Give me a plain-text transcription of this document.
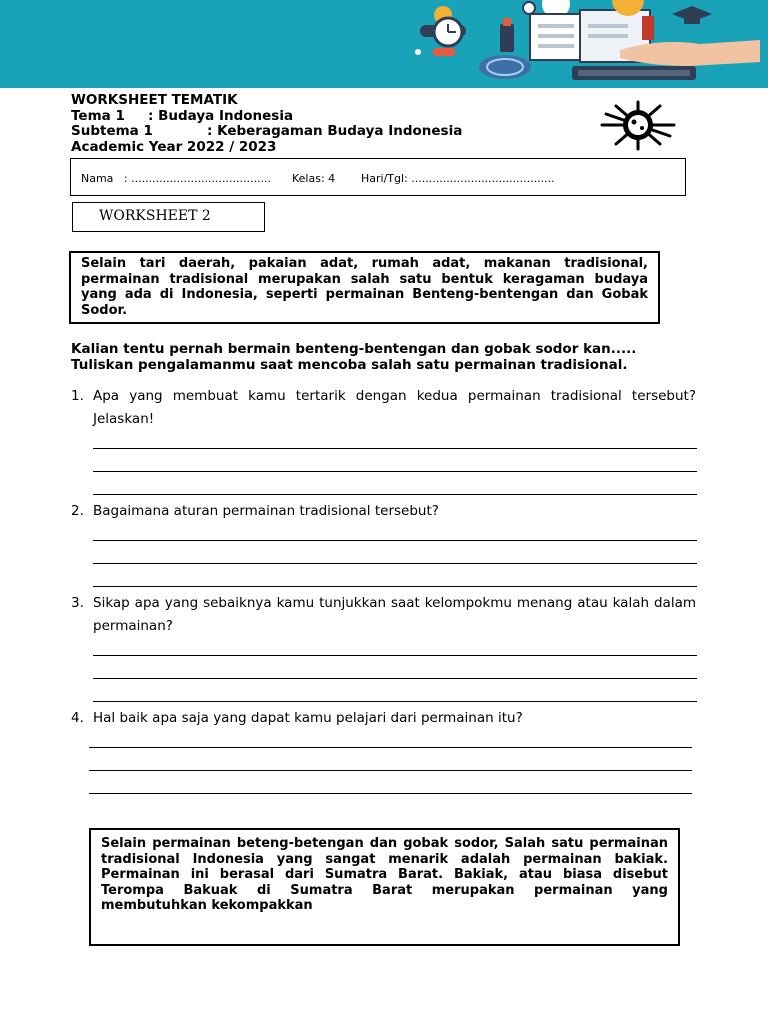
WORKSHEET TEMATIK
Tema 1 : Budaya Indonesia
Subtema 1	: Keberagaman Budaya Indonesia
Academic Year 2022 / 2023
Nama   : ........................................ Kelas: 4 Hari/Tgl: .........................................
WORKSHEET 2
Selain tari daerah, pakaian adat, rumah adat, makanan tradisional, permainan tradisional merupakan salah satu bentuk keragaman budaya yang ada di Indonesia, seperti permainan Benteng-bentengan dan Gobak Sodor.
Kalian tentu pernah bermain benteng-bentengan dan gobak sodor kan.....
Tuliskan pengalamanmu saat mencoba salah satu permainan tradisional.
1. Apa yang membuat kamu tertarik dengan kedua permainan tradisional tersebut? Jelaskan!
2. Bagaimana aturan permainan tradisional tersebut?
3. Sikap apa yang sebaiknya kamu tunjukkan saat kelompokmu menang atau kalah dalam permainan?
4. Hal baik apa saja yang dapat kamu pelajari dari permainan itu?
Selain permainan beteng-betengan dan gobak sodor, Salah satu permainan tradisional Indonesia yang sangat menarik adalah permainan bakiak. Permainan ini berasal dari Sumatra Barat. Bakiak, atau biasa disebut Terompa Bakuak di Sumatra Barat merupakan permainan yang membutuhkan kekompakkan
